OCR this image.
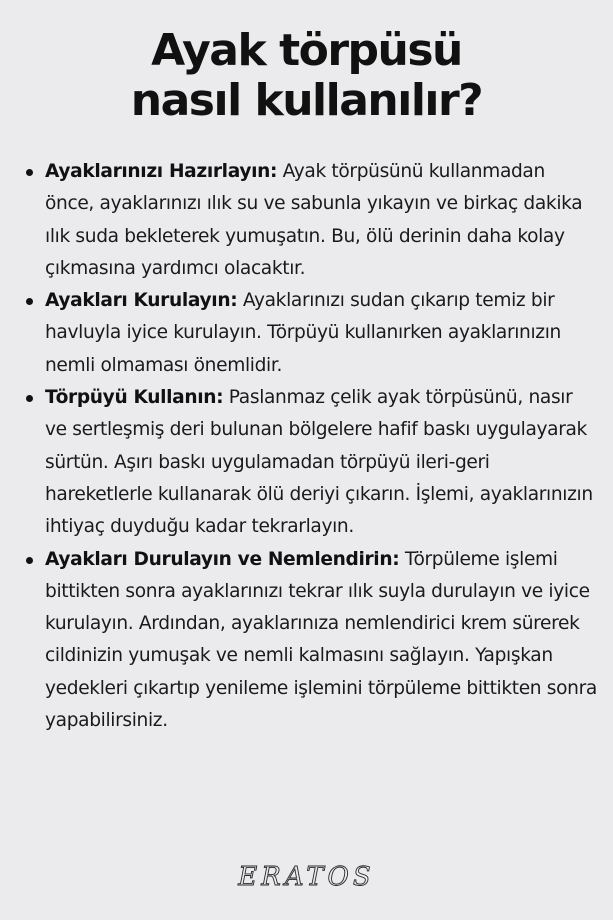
Ayak törpüsü
nasıl kullanılır?
Ayaklarınızı Hazırlayın: Ayak törpüsünü kullanmadan önce, ayaklarınızı ılık su ve sabunla yıkayın ve birkaç dakika ılık suda bekleterek yumuşatın. Bu, ölü derinin daha kolay çıkmasına yardımcı olacaktır.
Ayakları Kurulayın: Ayaklarınızı sudan çıkarıp temiz bir havluyla iyice kurulayın. Törpüyü kullanırken ayaklarınızın nemli olmaması önemlidir.
Törpüyü Kullanın: Paslanmaz çelik ayak törpüsünü, nasır ve sertleşmiş deri bulunan bölgelere hafif baskı uygulayarak sürtün. Aşırı baskı uygulamadan törpüyü ileri-geri hareketlerle kullanarak ölü deriyi çıkarın. İşlemi, ayaklarınızın ihtiyaç duyduğu kadar tekrarlayın.
Ayakları Durulayın ve Nemlendirin: Törpüleme işlemi bittikten sonra ayaklarınızı tekrar ılık suyla durulayın ve iyice kurulayın. Ardından, ayaklarınıza nemlendirici krem sürerek cildinizin yumuşak ve nemli kalmasını sağlayın. Yapışkan yedekleri çıkartıp yenileme işlemini törpüleme bittikten sonra yapabilirsiniz.
ERATOS
